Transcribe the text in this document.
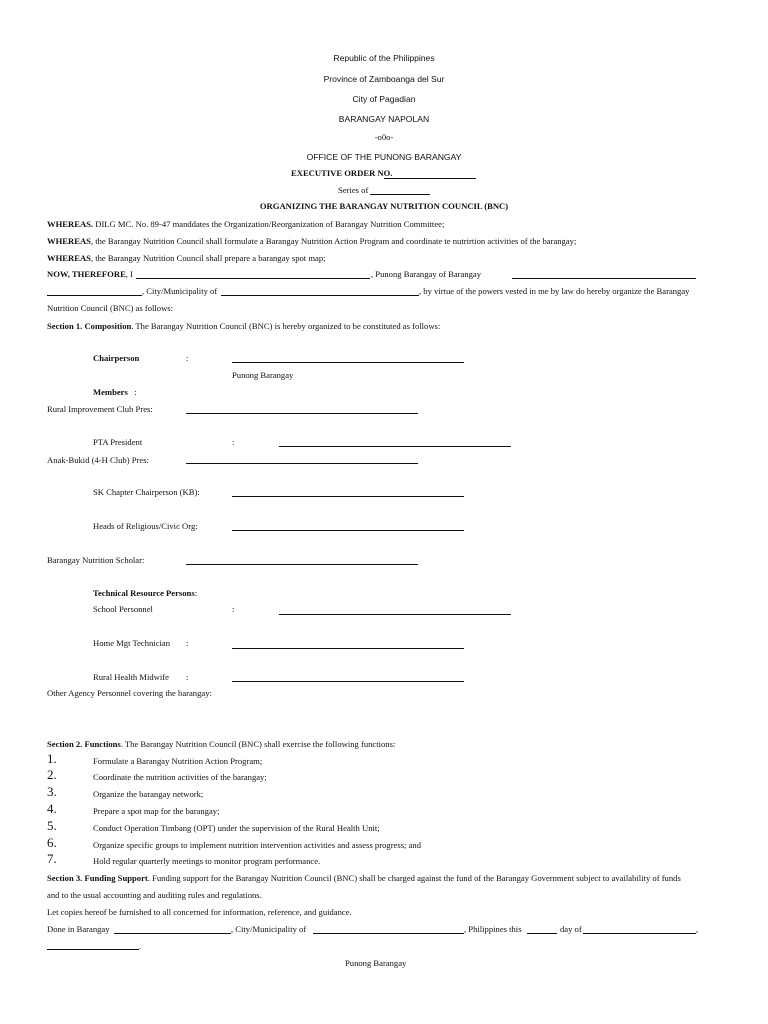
Republic of the Philippines
Province of Zamboanga del Sur
City of Pagadian
BARANGAY NAPOLAN
-o0o-
OFFICE OF THE PUNONG BARANGAY
EXECUTIVE ORDER NO.
Series of
ORGANIZING THE BARANGAY NUTRITION COUNCIL (BNC)
WHEREAS. DILG MC. No. 89-47 manddates the Organization/Reorganization of Barangay Nutrition Committee;
WHEREAS, the Barangay Nutrition Council shall formulate a Barangay Nutrition Action Program and coordinate te nutrirtion activities of the barangay;
WHEREAS, the Barangay Nutrition Council shall prepare a barangay spot map;
NOW, THEREFORE, I	, Punong Barangay of Barangay
, City/Municipality of	, by virtue of the powers vested in me by law do hereby organize the Barangay
Nutrition Council (BNC) as follows:
Section 1. Composition. The Barangay Nutrition Council (BNC) is hereby organized to be constituted as follows:
Chairperson	:
Punong Barangay
Members :
Rural Improvement Club Pres:
PTA President	:
Anak-Bukid (4-H Club) Pres:
SK Chapter Chairperson (KB):
Heads of Religious/Civic Org:
Barangay Nutrition Scholar:
Technical Resource Persons:
School Personnel	:
Home Mgt Technician :
Rural Health Midwife :
Other Agency Personnel covering the barangay:
Section 2. Functions. The Barangay Nutrition Council (BNC) shall exercise the following functions:
1.	Formulate a Barangay Nutrition Action Program;
2.	Coordinate the nutrition activities of the barangay;
3.	Organize the barangay network;
4.	Prepare a spot map for the barangay;
5.	Conduct Operation Timbang (OPT) under the supervision of the Rural Health Unit;
6.	Organize specific groups to implement nutrition intervention activities and assess progress; and
7.	Hold regular quarterly meetings to monitor program performance.
Section 3. Funding Support. Funding support for the Barangay Nutrition Council (BNC) shall be charged against the fund of the Barangay Government subject to availability of funds
and to the usual accounting and auditing rules and regulations.
Let copies hereof be furnished to all concerned for information, reference, and guidance.
Done in Barangay	, City/Municipality of	, Philippines this	day of	,
.
Punong Barangay
